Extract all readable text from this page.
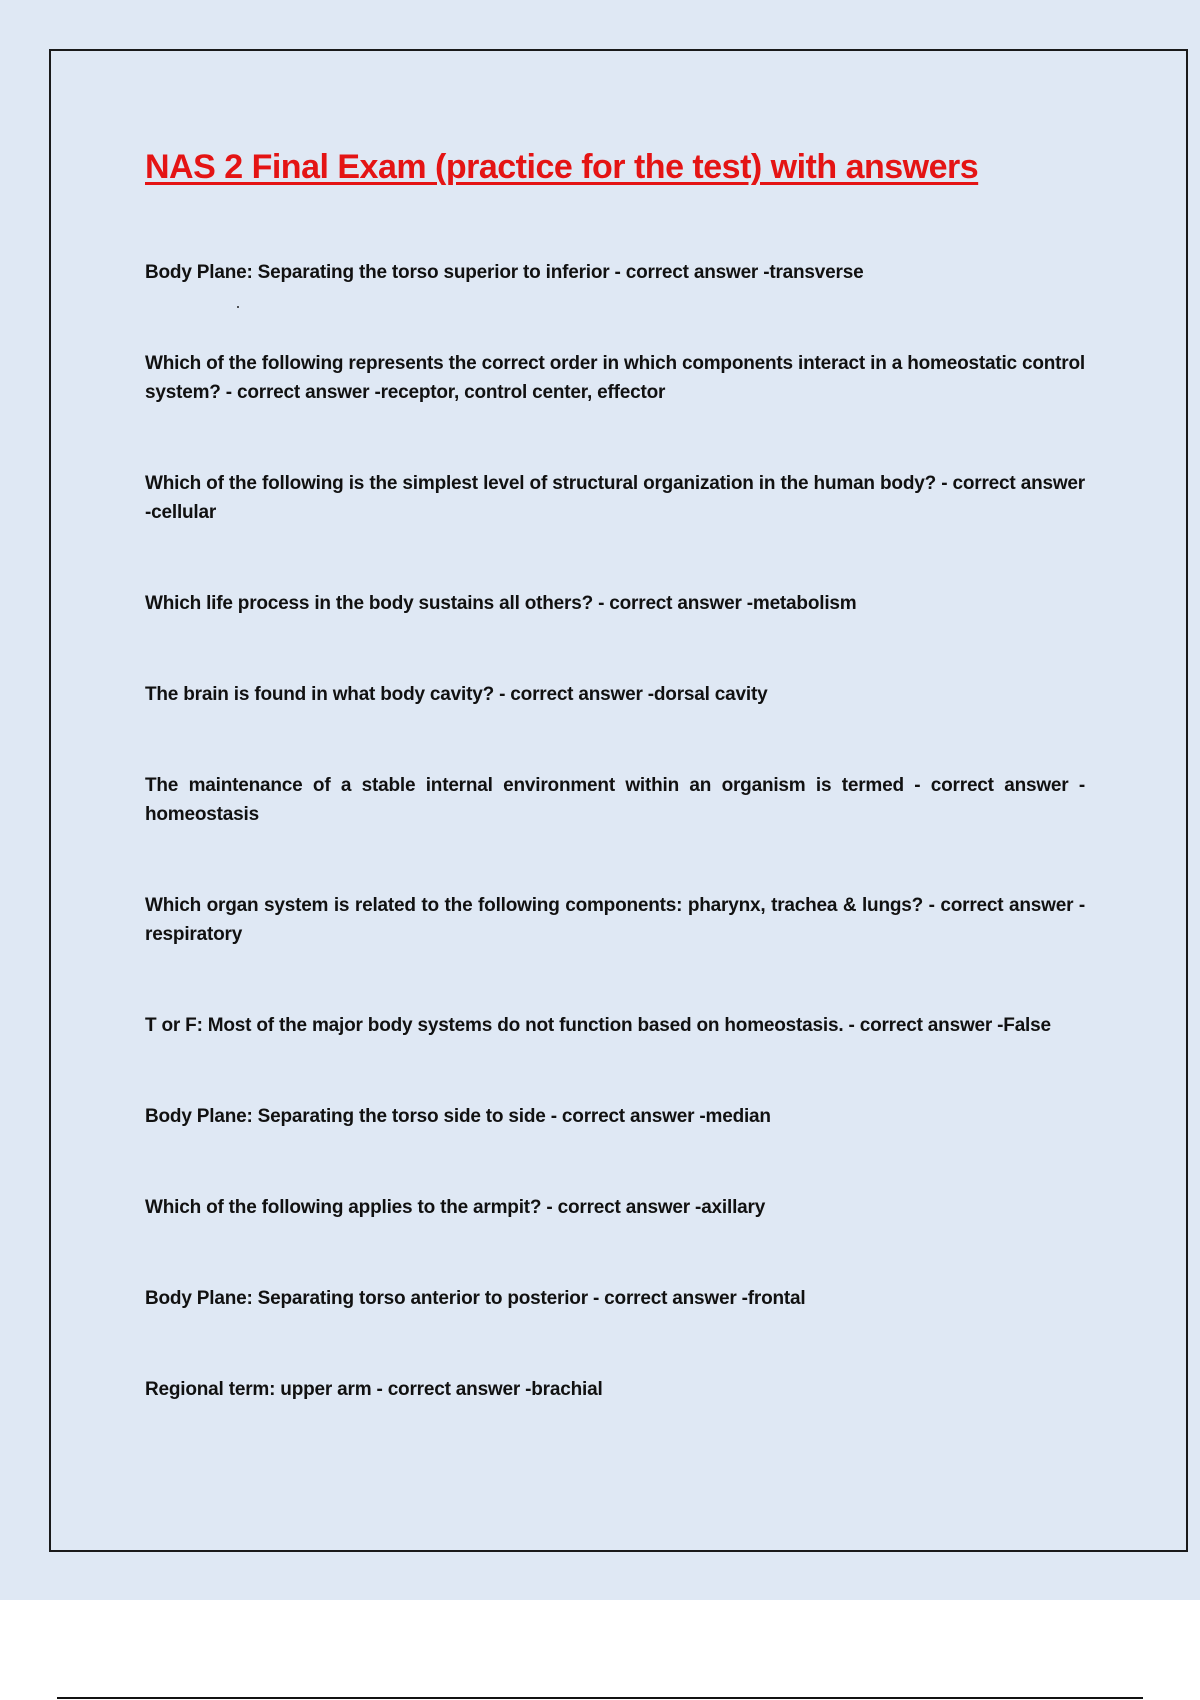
NAS 2 Final Exam (practice for the test) with answers

Body Plane: Separating the torso superior to inferior - correct answer -transverse

Which of the following represents the correct order in which components interact in a homeostatic control system? - correct answer -receptor, control center, effector

Which of the following is the simplest level of structural organization in the human body? - correct answer -cellular

Which life process in the body sustains all others? - correct answer -metabolism

The brain is found in what body cavity? - correct answer -dorsal cavity

The maintenance of a stable internal environment within an organism is termed - correct answer -homeostasis

Which organ system is related to the following components: pharynx, trachea & lungs? - correct answer -respiratory

T or F: Most of the major body systems do not function based on homeostasis. - correct answer -False

Body Plane: Separating the torso side to side - correct answer -median

Which of the following applies to the armpit? - correct answer -axillary

Body Plane: Separating torso anterior to posterior - correct answer -frontal

Regional term: upper arm - correct answer -brachial
